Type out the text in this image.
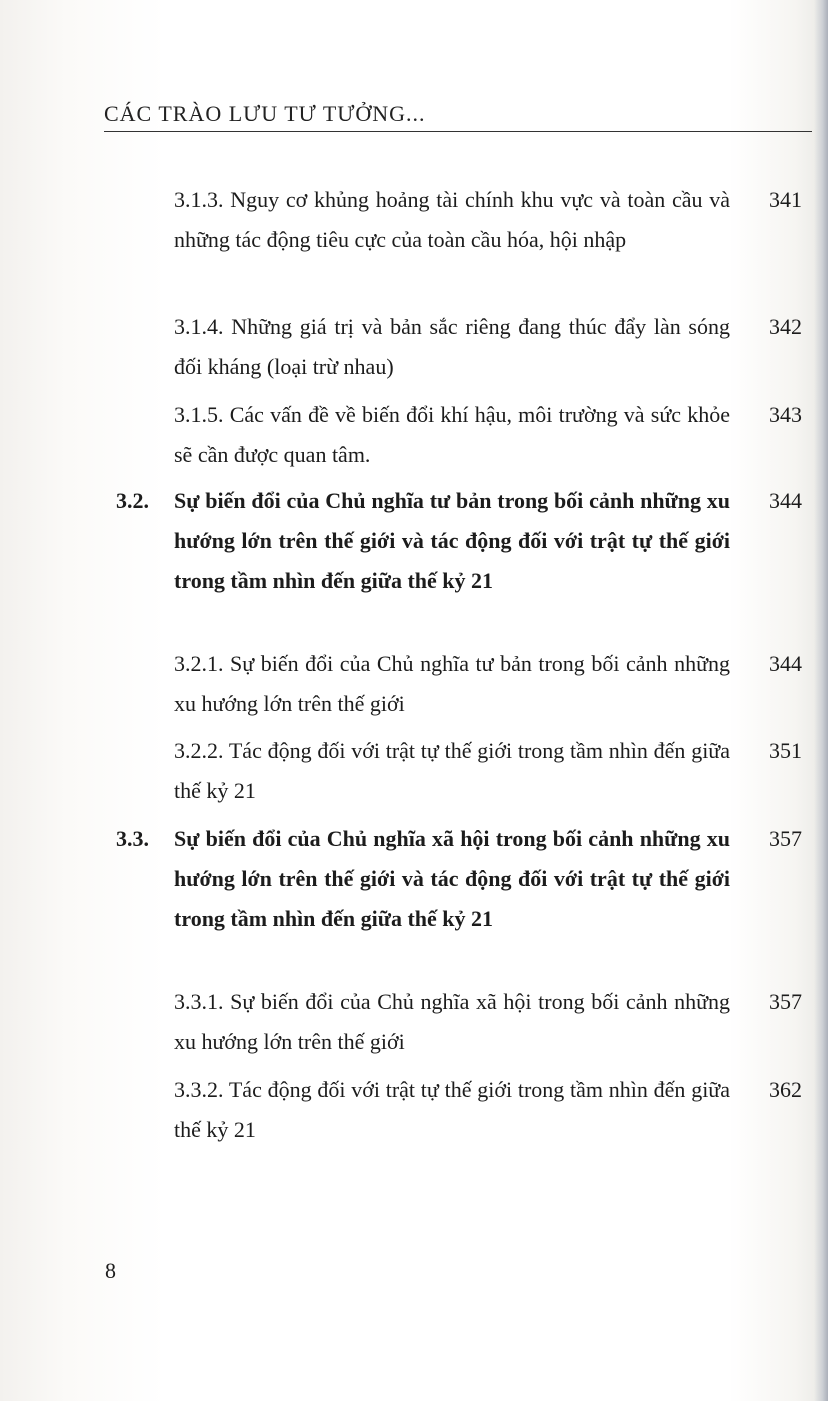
CÁC TRÀO LƯU TƯ TƯỞNG...
3.1.3. Nguy cơ khủng hoảng tài chính khu vực và toàn cầu và những tác động tiêu cực của toàn cầu hóa, hội nhập
341
3.1.4. Những giá trị và bản sắc riêng đang thúc đẩy làn sóng đối kháng (loại trừ nhau)
342
3.1.5. Các vấn đề về biến đổi khí hậu, môi trường và sức khỏe sẽ cần được quan tâm.
343
3.2.	Sự biến đổi của Chủ nghĩa tư bản trong bối cảnh những xu hướng lớn trên thế giới và tác động đối với trật tự thế giới trong tầm nhìn đến giữa thế kỷ 21
344
3.2.1. Sự biến đổi của Chủ nghĩa tư bản trong bối cảnh những xu hướng lớn trên thế giới
344
3.2.2. Tác động đối với trật tự thế giới trong tầm nhìn đến giữa thế kỷ 21
351
3.3.	Sự biến đổi của Chủ nghĩa xã hội trong bối cảnh những xu hướng lớn trên thế giới và tác động đối với trật tự thế giới trong tầm nhìn đến giữa thế kỷ 21
357
3.3.1. Sự biến đổi của Chủ nghĩa xã hội trong bối cảnh những xu hướng lớn trên thế giới
357
3.3.2. Tác động đối với trật tự thế giới trong tầm nhìn đến giữa thế kỷ 21
362
8
